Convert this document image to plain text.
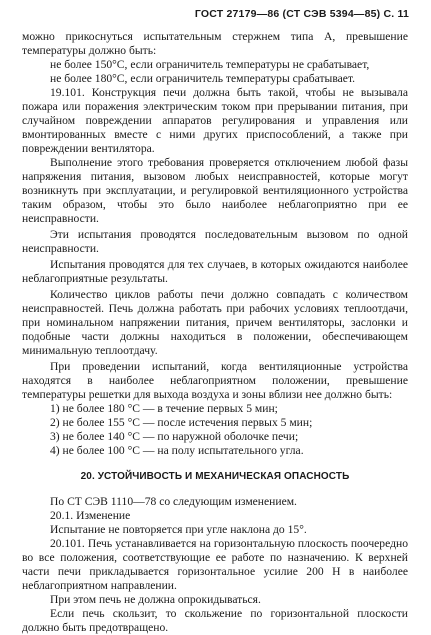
ГОСТ 27179—86 (СТ СЭВ 5394—85) С. 11

можно прикоснуться испытательным стержнем типа А, превышение температуры должно быть:

не более 150°С, если ограничитель температуры не срабатывает,

не более 180°С, если ограничитель температуры срабатывает.

19.101. Конструкция печи должна быть такой, чтобы не вызывала пожара или поражения электрическим током при прерывании питания, при случайном повреждении аппаратов регулирования и управления или вмонтированных вместе с ними других приспособлений, а также при повреждении вентилятора.

Выполнение этого требования проверяется отключением любой фазы напряжения питания, вызовом любых неисправностей, которые могут возникнуть при эксплуатации, и регулировкой вентиляционного устройства таким образом, чтобы это было наиболее неблагоприятно при ее неисправности.

Эти испытания проводятся последовательным вызовом по одной неисправности.

Испытания проводятся для тех случаев, в которых ожидаются наиболее неблагоприятные результаты.

Количество циклов работы печи должно совпадать с количеством неисправностей. Печь должна работать при рабочих условиях теплоотдачи, при номинальном напряжении питания, причем вентиляторы, заслонки и подобные части должны находиться в положении, обеспечивающем минимальную теплоотдачу.

При проведении испытаний, когда вентиляционные устройства находятся в наиболее неблагоприятном положении, превышение температуры решетки для выхода воздуха и зоны вблизи нее должно быть:

1) не более 180 °С — в течение первых 5 мин;
2) не более 155 °С — после истечения первых 5 мин;
3) не более 140 °С — по наружной оболочке печи;
4) не более 100 °С — на полу испытательного угла.
20. УСТОЙЧИВОСТЬ И МЕХАНИЧЕСКАЯ ОПАСНОСТЬ

По СТ СЭВ 1110—78 со следующим изменением.

20.1. Изменение

Испытание не повторяется при угле наклона до 15°.

20.101. Печь устанавливается на горизонтальную плоскость поочередно во все положения, соответствующие ее работе по назначению. К верхней части печи прикладывается горизонтальное усилие 200 Н в наиболее неблагоприятном направлении.

При этом печь не должна опрокидываться.

Если печь скользит, то скольжение по горизонтальной плоскости должно быть предотвращено.
